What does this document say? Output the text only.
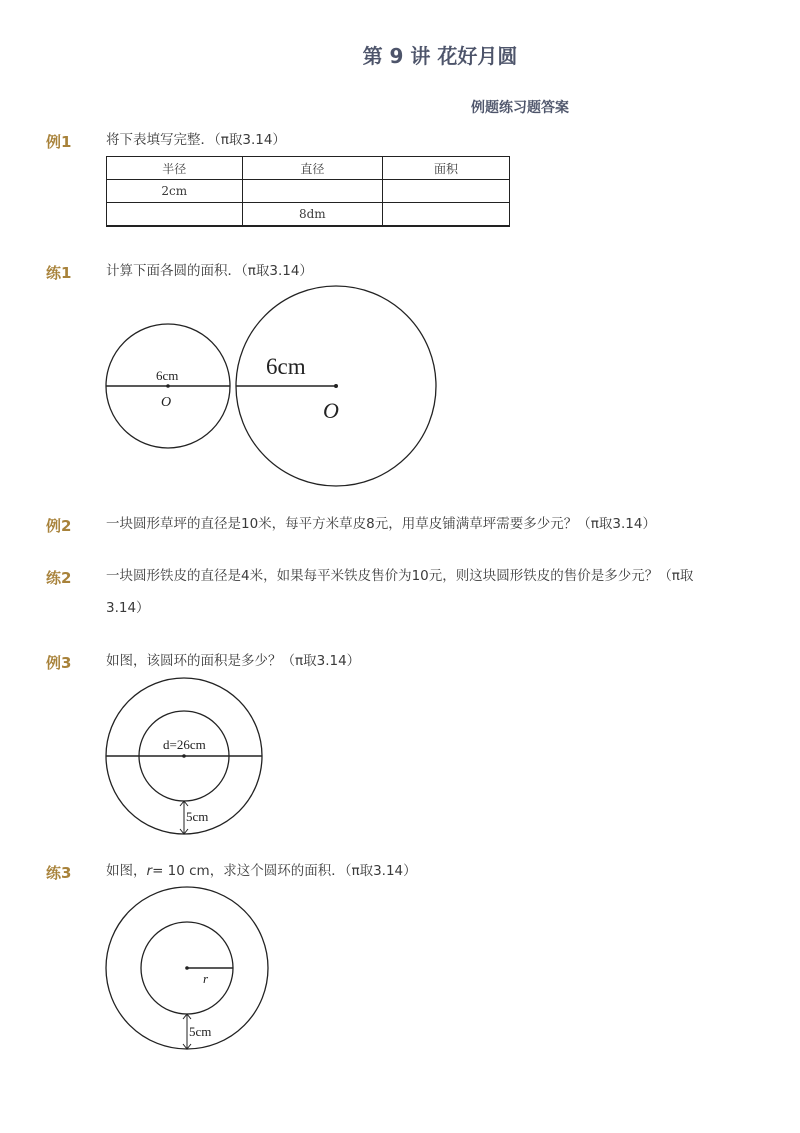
第 9 讲 花好月圆
例题练习题答案
例1	将下表填写完整．（π取3.14）
半径	直径	面积
2cm		
	8dm	
练1	计算下面各圆的面积．（π取3.14）
6cm
O
6cm
O
例2	一块圆形草坪的直径是10米，每平方米草皮8元，用草皮铺满草坪需要多少元？（π取3.14）
练2	一块圆形铁皮的直径是4米，如果每平米铁皮售价为10元，则这块圆形铁皮的售价是多少元？（π取3.14）
例3	如图，该圆环的面积是多少？（π取3.14）
d=26cm
5cm
练3	如图，r= 10 cm，求这个圆环的面积．（π取3.14）
r
5cm
